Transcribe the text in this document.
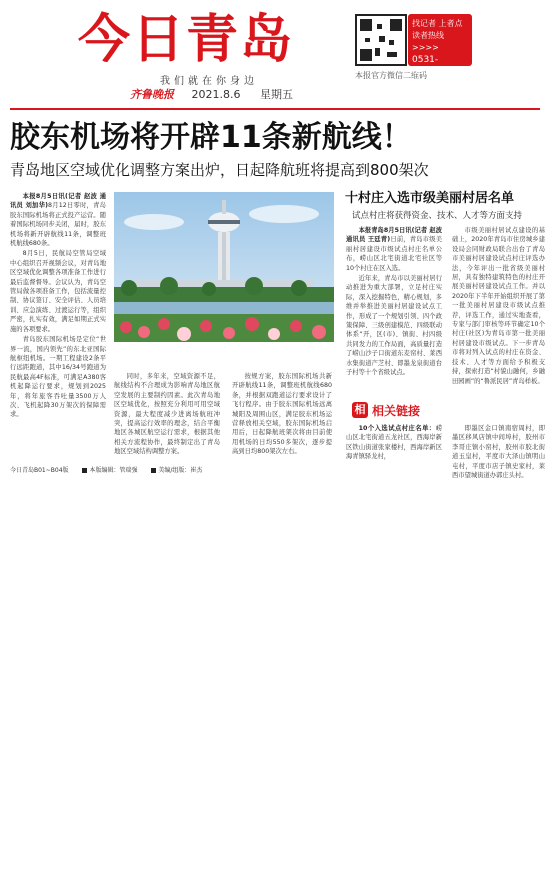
今日青岛
本报官方微信二维码
找记者 上者点
读者热线>>>>
0531-85193700
13869196706
我们就在你身边
齐鲁晚报 2021.8.6 星期五
胶东机场将开辟11条新航线！
青岛地区空域优化调整方案出炉，日起降航班将提高到800架次

本报8月5日讯(记者 赵波 通讯员 刘加华)8月12日零时，青岛胶东国际机场将正式投产运营。随着国际机场同步关闭，届时，胶东机场将新开辟航线11条，调整班机航线680条。

8月5日，民航局空管局空域中心组织召开视频会议，对青岛地区空域优化调整各项准备工作进行最后监督督导。会议认为，青岛空管局做各项准备工作，包括流量控制、协议签订、安全评估、人员培训、应急演练、过渡运行等，组织严密，扎实有效，满足如期正式实施的各项要求。

青岛胶东国际机场是定位“世界一流，国内领先”的东北亚国际航枢纽机场。一期工程建设2条平行远距跑道，其中16/34号跑道为民航最高4F标准，可满足A380客机起降运行要求，规划到2025年，将年旅客吞吐量3500万人次、飞机起降30万架次的保障需求。

同时，多年来，空域资源不足，航线结构不合理成为影响青岛地区航空发展的主要制约因素。此次青岛地区空域优化，按照充分利用可用空域资源，最大程度减少进离场航班冲突，提高运行效率的理念，结合平衡地区各城区航空运行需求，根据其他相关方流程协作，最终制定出了青岛地区空域结构调整方案。

按规方案，胶东国际机场共新开辟航线11条，调整班机航线680条，并根据双跑道运行要求设计了飞行程序。由于胶东国际机场远离城阳及周围山区，满足胶东机场运营释放相关空域，胶东国际机场启用后，日起降航班架次将由目前使用机场的日均550多架次，逐步提高到日均800架次左右。

十村庄入选市级美丽村居名单
试点村庄将获得资金、技术、人才等方面支持

本报青岛8月5日讯(记者 赵波 通讯员 王廷青)日前，青岛市级美丽村居建设市级试点村庄名单公布，崂山区北宅街道北宅社区等10个村庄在区入选。

近年来，青岛市以美丽村居行动推进为重大部署，立足村庄实际，深入挖掘特色，精心规划，多维并举推进美丽村居建设试点工作，形成了一个规划引领、四个政策保障、三级创建模范、四级联动体系“开，区(市)、镇街、村四级共同发力的工作局面，高质量打造了崂山沙子口街道东麦窑村、莱西水集街道产芝村、即墨龙泉街道台子村等十个省级试点。

市级美丽村居试点建设的基础上，2020年青岛市住房城乡建设局会同财政局联合出台了青岛市美丽村居建设试点村庄评选办法，今年评出一批省级美丽村居，具有独特建筑特色的村庄开展美丽村居建设试点工作。并以2020年下半年开始组织开展了第一批美丽村居建设市级试点推荐，评选工作，通过实地查看，专家与部门审核等环节确定10个村庄(社区)为青岛市第一批美丽村居建设市级试点。下一步青岛市将对列入试点的村庄在资金、技术、人才等方面给予积极支持，探索打造“村貌山融何，乡融田园画”的“鲁派民居”青岛样板。

相 相关链接

10个入选试点村庄名单：崂山区北宅街道五龙社区，西海岸新区铁山街道张家楼村，西海岸新区海青镇驿龙村，

即墨区金口镇南宿周村，即墨区移风店镇中间埠村，胶州市李哥庄镇小窑村，胶州市胶北街道玉皇村，平度市大泽山镇明山屯村，平度市店子镇史家村，莱西市望城街道办郭庄头村。

今日青岛B01~B04版	本版编辑：管瑞强	美编/组版：崔杰
